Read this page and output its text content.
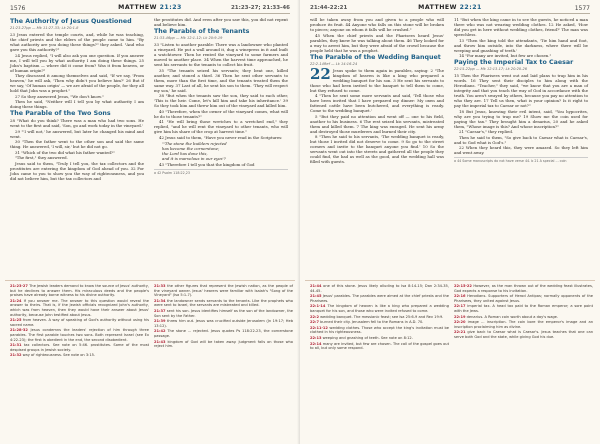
1576	MATTHEW 21:23	21:23-27; 21:33-46
The Authority of Jesus Questioned
21:23-27pp — Mk 11:27-33; Lk 20:1-8

23 Jesus entered the temple courts, and, while he was teaching, the chief priests and the elders of the people came to him. "By what authority are you doing these things?" they asked. "And who gave you this authority?"

24 Jesus replied, "I will also ask you one question. If you answer me, I will tell you by what authority I am doing these things. 25 John's baptism — where did it come from? Was it from heaven, or of human origin?"

They discussed it among themselves and said, "If we say, 'From heaven,' he will ask, 'Then why didn't you believe him?' 26 But if we say, 'Of human origin' — we are afraid of the people, for they all hold that John was a prophet."

27 So they answered Jesus, "We don't know."

Then he said, "Neither will I tell you by what authority I am doing these things.

The Parable of the Two Sons

28 "What do you think? There was a man who had two sons. He went to the first and said, 'Son, go and work today in the vineyard.'

29 "'I will not,' he answered, but later he changed his mind and went.

30 "Then the father went to the other son and said the same thing. He answered, 'I will, sir,' but he did not go.

31 "Which of the two did what his father wanted?"

"The first," they answered.

Jesus said to them, "Truly I tell you, the tax collectors and the prostitutes are entering the kingdom of God ahead of you. 32 For John came to you to show you the way of righteousness, and you did not believe him, but the tax collectors and

the prostitutes did. And even after you saw this, you did not repent and believe him.

The Parable of the Tenants
21:33-46pp — Mk 12:1-12; Lk 20:9-19

33 "Listen to another parable: There was a landowner who planted a vineyard. He put a wall around it, dug a winepress in it and built a watchtower. Then he rented the vineyard to some farmers and moved to another place. 34 When the harvest time approached, he sent his servants to the tenants to collect his fruit.

35 "The tenants seized his servants; they beat one, killed another, and stoned a third. 36 Then he sent other servants to them, more than the first time, and the tenants treated them the same way. 37 Last of all, he sent his son to them. 'They will respect my son,' he said.

38 "But when the tenants saw the son, they said to each other, 'This is the heir. Come, let's kill him and take his inheritance.' 39 So they took him and threw him out of the vineyard and killed him.

40 "Therefore, when the owner of the vineyard comes, what will he do to those tenants?"

41 "He will bring those wretches to a wretched end," they replied, "and he will rent the vineyard to other tenants, who will give him his share of the crop at harvest time."

42 Jesus said to them, "Have you never read in the Scriptures:

"'The stone the builders rejected
has become the cornerstone;
the Lord has done this,
and it is marvelous in our eyes'?

43 "Therefore I tell you that the kingdom of God

a 42 Psalm 118:22,23

21:23-27 The Jewish leaders demand to know the source of Jesus' authority, but he declines to answer them. His miraculous deeds and the people's praises have already borne witness to his divine authority.

21:24 If you answer me. The answer to this question would reveal the answer to theirs. That is, if the Jewish officials recognized John's authority, which was from heaven, then they would have their answer about Jesus' authority, because John testified about Jesus.

21:25 from heaven. A way of speaking of God's authority without using his sacred name.

21:28-32 Jesus condemns the leaders' rejection of him through three parables. The first parable touches two sons. Both represent Israel (see Ex 4:22-23); the first is obedient in the end, the second disobedient.

21:31 tax collectors. See note on 5:46. prostitutes. Some of the most despised groups in Jewish society.

21:32 way of righteousness. See note on 3:15.

21:33 the other figures that represent the Jewish nation, as the people of the vineyard owner. Jesus' hearers were familiar with Isaiah's "Song of the Vineyard" (Isa 5:1-7).

21:34 the landowner sends servants to the tenants. Like the prophets who were sent to Israel, the servants are mistreated and killed.

21:37 sent his son. Jesus identifies himself as the son of the landowner, the Son sent by the Father.

21:39 threw him out. Jesus was crucified outside Jerusalem (Jn 19:17; Heb 13:12).

21:42 The stone ... rejected. Jesus quotes Ps 118:22-23, the cornerstone passage.

21:43 kingdom of God will be taken away. Judgment falls on those who reject him.

21:44-22:21	MATTHEW 22:21	1577

will be taken away from you and given to a people who will produce its fruit. 44 Anyone who falls on this stone will be broken to pieces; anyone on whom it falls will be crushed."

45 When the chief priests and the Pharisees heard Jesus' parables, they knew he was talking about them. 46 They looked for a way to arrest him, but they were afraid of the crowd because the people held that he was a prophet.

The Parable of the Wedding Banquet
22:2-14Ref — Lk 14:16-24

22 Jesus spoke to them again in parables, saying: 2 "The kingdom of heaven is like a king who prepared a wedding banquet for his son. 3 He sent his servants to those who had been invited to the banquet to tell them to come, but they refused to come.

4 "Then he sent some more servants and said, 'Tell those who have been invited that I have prepared my dinner: My oxen and fattened cattle have been butchered, and everything is ready. Come to the wedding banquet.'

5 "But they paid no attention and went off — one to his field, another to his business. 6 The rest seized his servants, mistreated them and killed them. 7 The king was enraged. He sent his army and destroyed those murderers and burned their city.

8 "Then he said to his servants, 'The wedding banquet is ready, but those I invited did not deserve to come. 9 So go to the street corners and invite to the banquet anyone you find.' 10 So the servants went out into the streets and gathered all the people they could find, the bad as well as the good, and the wedding hall was filled with guests.

11 "But when the king came in to see the guests, he noticed a man there who was not wearing wedding clothes. 12 He asked, 'How did you get in here without wedding clothes, friend?' The man was speechless.

13 "Then the king told the attendants, 'Tie him hand and foot, and throw him outside, into the darkness, where there will be weeping and gnashing of teeth.'

14 "For many are invited, but few are chosen."

Paying the Imperial Tax to Caesar
22:15-22pp — Mk 12:13-17; Lk 20:20-26

15 Then the Pharisees went out and laid plans to trap him in his words. 16 They sent their disciples to him along with the Herodians. "Teacher," they said, "we know that you are a man of integrity and that you teach the way of God in accordance with the truth. You aren't swayed by others, because you pay no attention to who they are. 17 Tell us then, what is your opinion? Is it right to pay the imperial tax to Caesar or not?"

18 But Jesus, knowing their evil intent, said, "You hypocrites, why are you trying to trap me? 19 Show me the coin used for paying the tax." They brought him a denarius, 20 and he asked them, "Whose image is this? And whose inscription?"

21 "Caesar's," they replied.

Then he said to them, "So give back to Caesar what is Caesar's, and to God what is God's."

22 When they heard this, they were amazed. So they left him and went away.

a 44 Some manuscripts do not have verse 44. b 21 A special ... coin

21:44 one of this stone. Jesus likely alluding to Isa 8:14-15; Dan 2:34-35, 44-45.

21:45 Jesus' parables. The parables were aimed at the chief priests and the Pharisees.

22:1-14 The kingdom of heaven is like a king who prepared a wedding banquet for his son, and those who were invited refused to come.

22:2 wedding banquet. The messianic feast; see Isa 25:6-9 and Rev 19:9.

22:7 burned their city. Jerusalem fell to the Romans in A.D. 70.

22:11-12 wedding clothes. Those who accept the king's invitation must be clothed in his righteousness.

22:13 weeping and gnashing of teeth. See note on 8:12.

22:14 many are invited, but few are chosen. The call of the gospel goes out to all, but only some respond.

22:15-22 However, as the man thrown out of the wedding feast illustrates, God expects a response to his invitation.

22:16 Herodians. Supporters of Herod Antipas; normally opponents of the Pharisees, they united against Jesus.

22:17 imperial tax. A head tax paid to the Roman emperor; a sore point with the Jews.

22:19 denarius. A Roman coin worth about a day's wage.

22:20 image ... inscription. The coin bore the emperor's image and an inscription proclaiming him as divine.

22:21 give back to Caesar what is Caesar's. Jesus teaches that one can serve both God and the state, while giving God his due.
